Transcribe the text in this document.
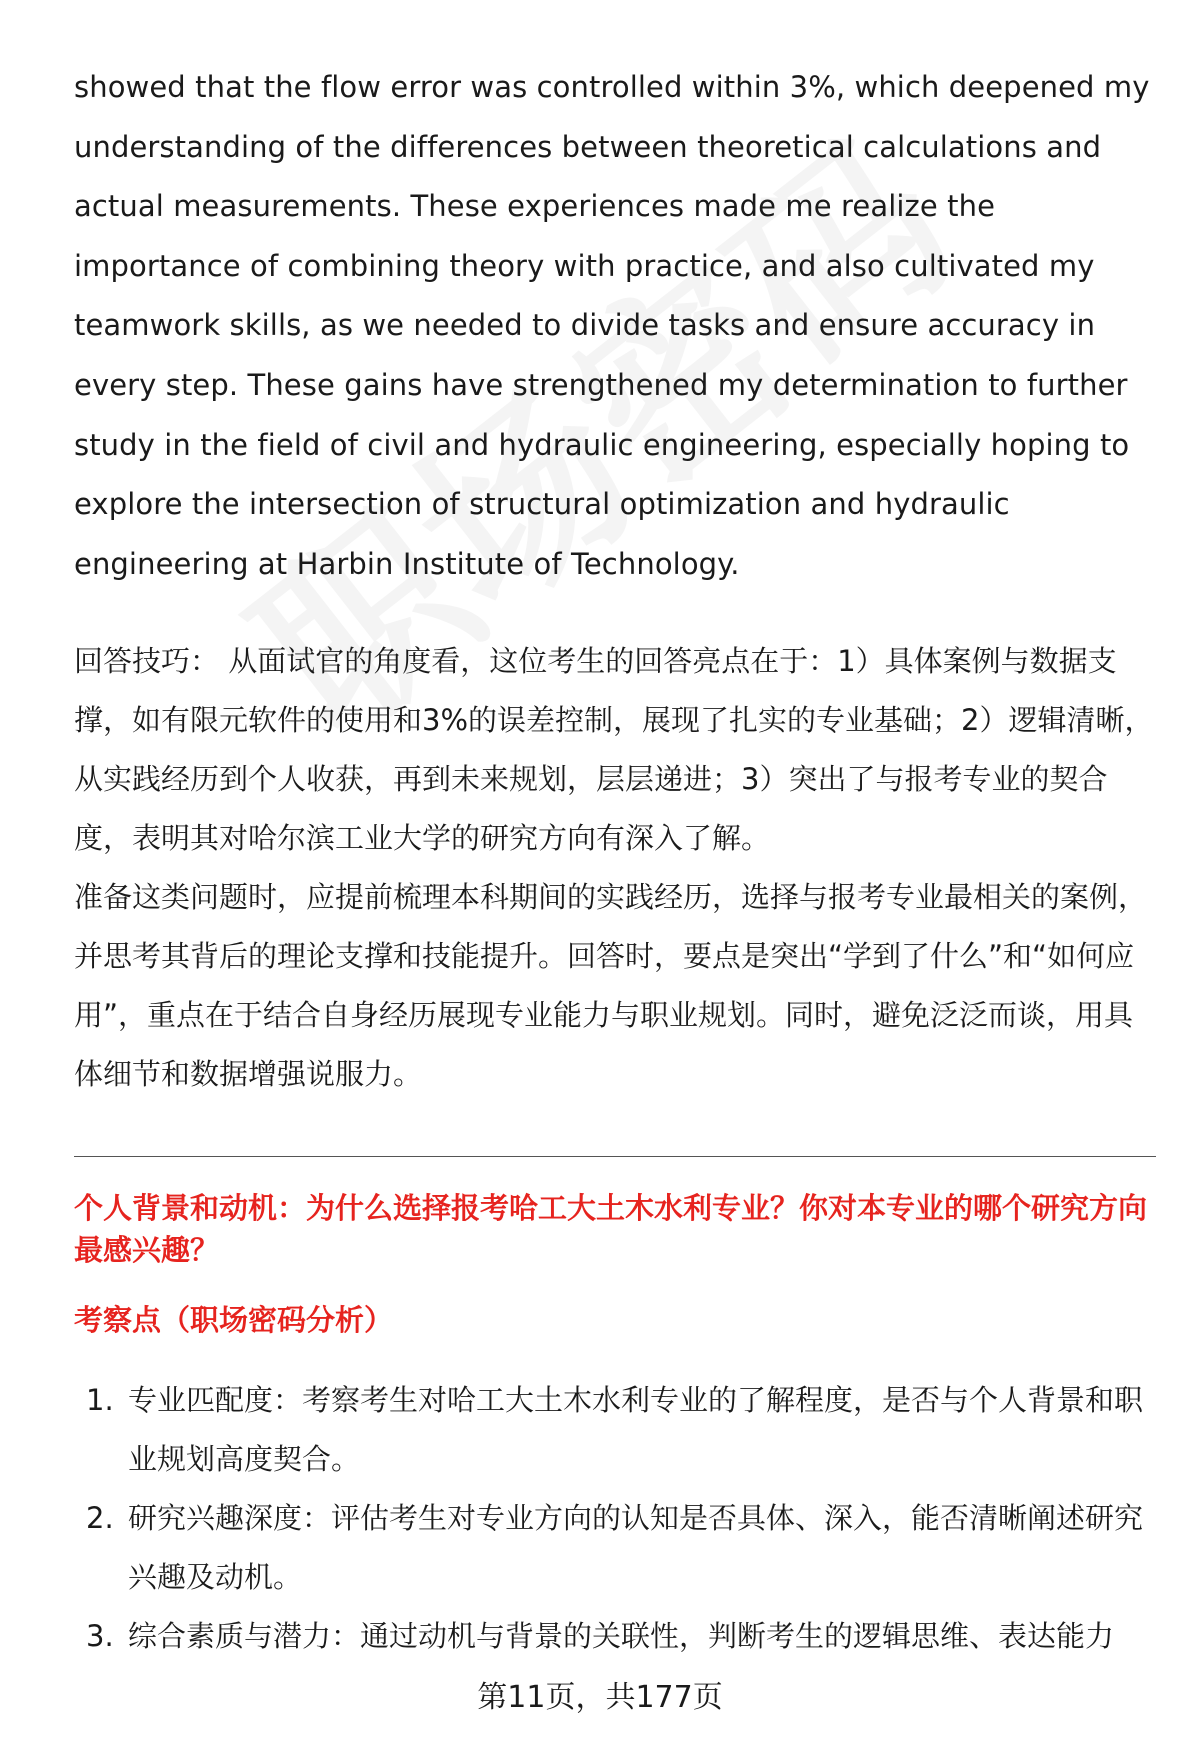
showed that the flow error was controlled within 3%, which deepened my understanding of the differences between theoretical calculations and actual measurements. These experiences made me realize the importance of combining theory with practice, and also cultivated my teamwork skills, as we needed to divide tasks and ensure accuracy in every step. These gains have strengthened my determination to further study in the field of civil and hydraulic engineering, especially hoping to explore the intersection of structural optimization and hydraulic engineering at Harbin Institute of Technology.

回答技巧： 从面试官的角度看，这位考生的回答亮点在于：1）具体案例与数据支撑，如有限元软件的使用和3%的误差控制，展现了扎实的专业基础；2）逻辑清晰，从实践经历到个人收获，再到未来规划，层层递进；3）突出了与报考专业的契合度，表明其对哈尔滨工业大学的研究方向有深入了解。

准备这类问题时，应提前梳理本科期间的实践经历，选择与报考专业最相关的案例，并思考其背后的理论支撑和技能提升。回答时，要点是突出“学到了什么”和“如何应用”，重点在于结合自身经历展现专业能力与职业规划。同时，避免泛泛而谈，用具体细节和数据增强说服力。

个人背景和动机：为什么选择报考哈工大土木水利专业？你对本专业的哪个研究方向最感兴趣？

考察点（职场密码分析）

1. 专业匹配度：考察考生对哈工大土木水利专业的了解程度，是否与个人背景和职业规划高度契合。
2. 研究兴趣深度：评估考生对专业方向的认知是否具体、深入，能否清晰阐述研究兴趣及动机。
3. 综合素质与潜力：通过动机与背景的关联性，判断考生的逻辑思维、表达能力
第11页，共177页
